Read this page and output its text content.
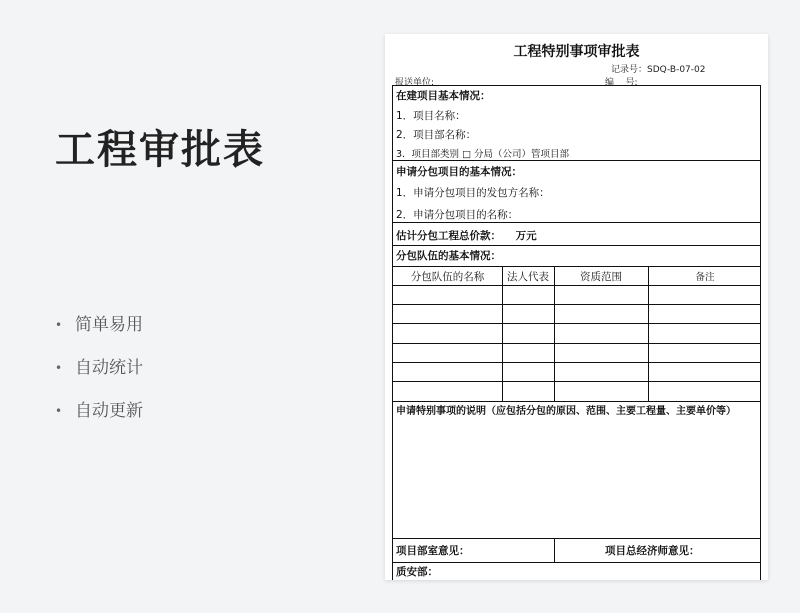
工程审批表
• 简单易用
• 自动统计
• 自动更新
工程特别事项审批表
记录号：SDQ-B-07-02
报送单位:	编    号:
在建项目基本情况：
1．项目名称：
2．项目部名称：
3．项目部类别 □ 分局（公司）管项目部
申请分包项目的基本情况：
1．申请分包项目的发包方名称：
2．申请分包项目的名称：
估计分包工程总价款：    万元
分包队伍的基本情况：
分包队伍的名称	法人代表	资质范围	备注
申请特别事项的说明（应包括分包的原因、范围、主要工程量、主要单价等）
项目部室意见：	项目总经济师意见：
质安部：
